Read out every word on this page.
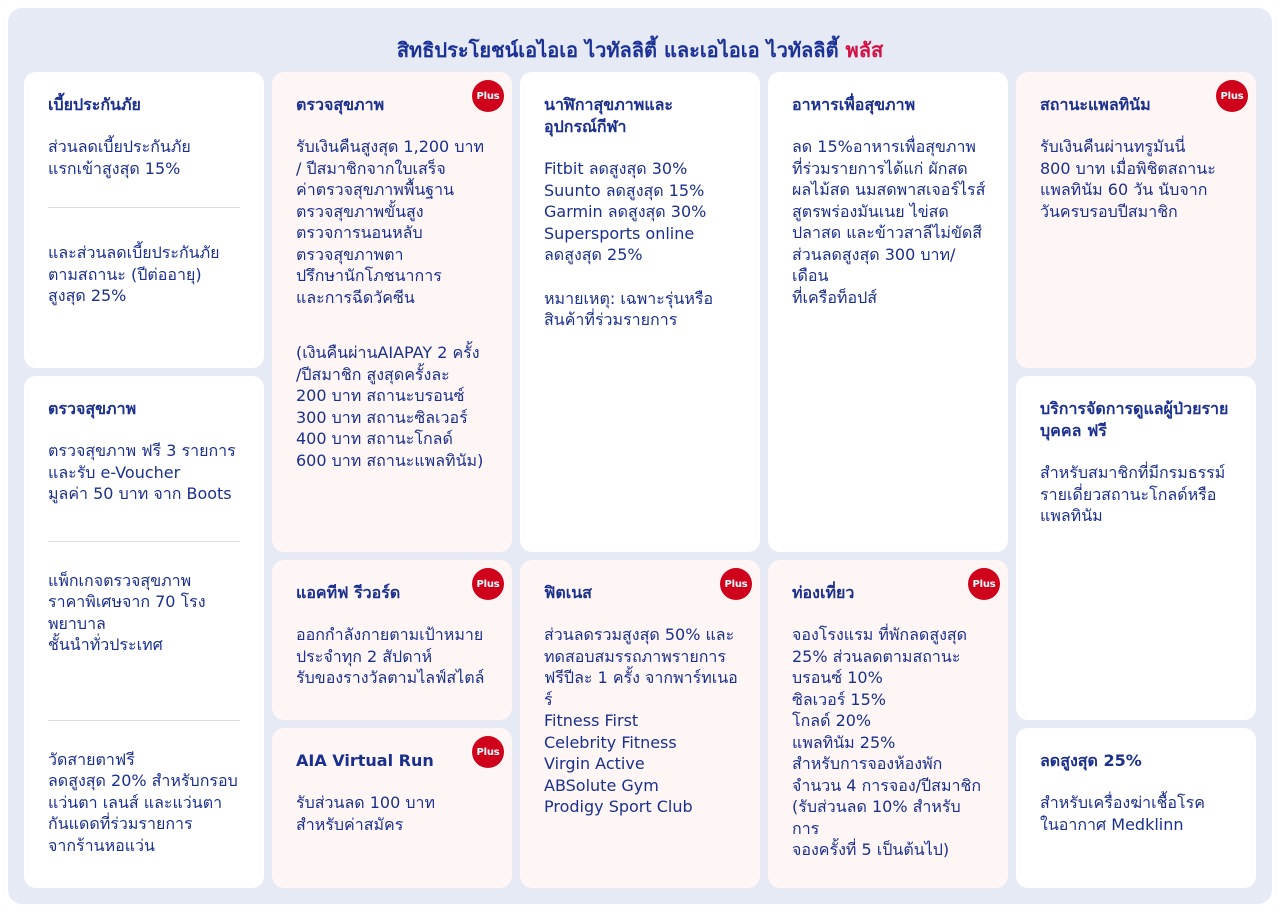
สิทธิประโยชน์เอไอเอ ไวทัลลิตี้ และเอไอเอ ไวทัลลิตี้ พลัส
เบี้ยประกันภัย

ส่วนลดเบี้ยประกันภัย
แรกเข้าสูงสุด 15%

และส่วนลดเบี้ยประกันภัย
ตามสถานะ (ปีต่ออายุ)
สูงสุด 25%

ตรวจสุขภาพ

ตรวจสุขภาพ ฟรี 3 รายการ
และรับ e-Voucher
มูลค่า 50 บาท จาก Boots

แพ็กเกจตรวจสุขภาพ
ราคาพิเศษจาก 70 โรงพยาบาล
ชั้นนำทั่วประเทศ

วัดสายตาฟรี
ลดสูงสุด 20% สำหรับกรอบ
แว่นตา เลนส์ และแว่นตา
กันแดดที่ร่วมรายการ
จากร้านหอแว่น

Plus
ตรวจสุขภาพ

รับเงินคืนสูงสุด 1,200 บาท
/ ปีสมาชิกจากใบเสร็จ
ค่าตรวจสุขภาพพื้นฐาน
ตรวจสุขภาพขั้นสูง
ตรวจการนอนหลับ
ตรวจสุขภาพตา
ปรึกษานักโภชนาการ
และการฉีดวัคซีน

(เงินคืนผ่านAIAPAY 2 ครั้ง
/ปีสมาชิก สูงสุดครั้งละ
200 บาท สถานะบรอนซ์
300 บาท สถานะซิลเวอร์
400 บาท สถานะโกลด์
600 บาท สถานะแพลทินัม)

Plus
แอคทีฟ รีวอร์ด

ออกกำลังกายตามเป้าหมาย
ประจำทุก 2 สัปดาห์
รับของรางวัลตามไลฟ์สไตล์

Plus
AIA Virtual Run

รับส่วนลด 100 บาท
สำหรับค่าสมัคร

นาฬิกาสุขภาพและ
อุปกรณ์กีฬา

Fitbit ลดสูงสุด 30%
Suunto ลดสูงสุด 15%
Garmin ลดสูงสุด 30%
Supersports online
ลดสูงสุด 25%

หมายเหตุ: เฉพาะรุ่นหรือ
สินค้าที่ร่วมรายการ

Plus
ฟิตเนส

ส่วนลดรวมสูงสุด 50% และ
ทดสอบสมรรถภาพรายการ
ฟรีปีละ 1 ครั้ง จากพาร์ทเนอร์
Fitness First
Celebrity Fitness
Virgin Active
ABSolute Gym
Prodigy Sport Club

อาหารเพื่อสุขภาพ

ลด 15%อาหารเพื่อสุขภาพ
ที่ร่วมรายการได้แก่ ผักสด
ผลไม้สด นมสดพาสเจอร์ไรส์
สูตรพร่องมันเนย ไข่สด
ปลาสด และข้าวสาลีไม่ขัดสี
ส่วนลดสูงสุด 300 บาท/เดือน
ที่เครือท็อปส์

Plus
ท่องเที่ยว

จองโรงแรม ที่พักลดสูงสุด
25% ส่วนลดตามสถานะ
บรอนซ์ 10%
ซิลเวอร์ 15%
โกลด์ 20%
แพลทินัม 25%
สำหรับการจองห้องพัก
จำนวน 4 การจอง/ปีสมาชิก
(รับส่วนลด 10% สำหรับการ
จองครั้งที่ 5 เป็นต้นไป)

Plus
สถานะแพลทินัม

รับเงินคืนผ่านทรูมันนี่
800 บาท เมื่อพิชิตสถานะ
แพลทินัม 60 วัน นับจาก
วันครบรอบปีสมาชิก

บริการจัดการดูแลผู้ป่วยราย
บุคคล ฟรี

สำหรับสมาชิกที่มีกรมธรรม์
รายเดี่ยวสถานะโกลด์หรือ
แพลทินัม

ลดสูงสุด 25%

สำหรับเครื่องฆ่าเชื้อโรค
ในอากาศ Medklinn
